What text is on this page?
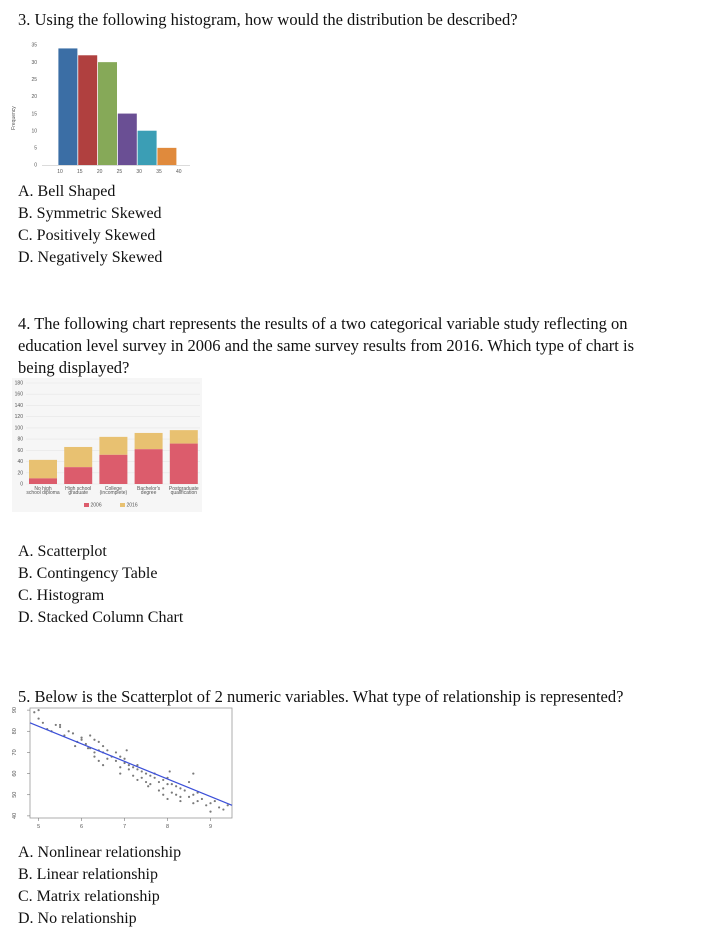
3. Using the following histogram, how would the distribution be described?
Frequency
0
5
10
15
20
25
30
35
10	15	20	25	30	35	40
A. Bell Shaped
B. Symmetric Skewed
C. Positively Skewed
D. Negatively Skewed
4. The following chart represents the results of a two categorical variable study reflecting on
education level survey in 2006 and the same survey results from 2016. Which type of chart is
being displayed?
0
20
40
60
80
100
120
140
160
180
No high school diploma
High school graduate
College (incomplete)
Bachelor's degree
Postgraduate qualification
2006	2016
A. Scatterplot
B. Contingency Table
C. Histogram
D. Stacked Column Chart
5. Below is the Scatterplot of 2 numeric variables. What type of relationship is represented?
40
50
60
70
80
90
5	6	7	8	9
A. Nonlinear relationship
B. Linear relationship
C. Matrix relationship
D. No relationship
